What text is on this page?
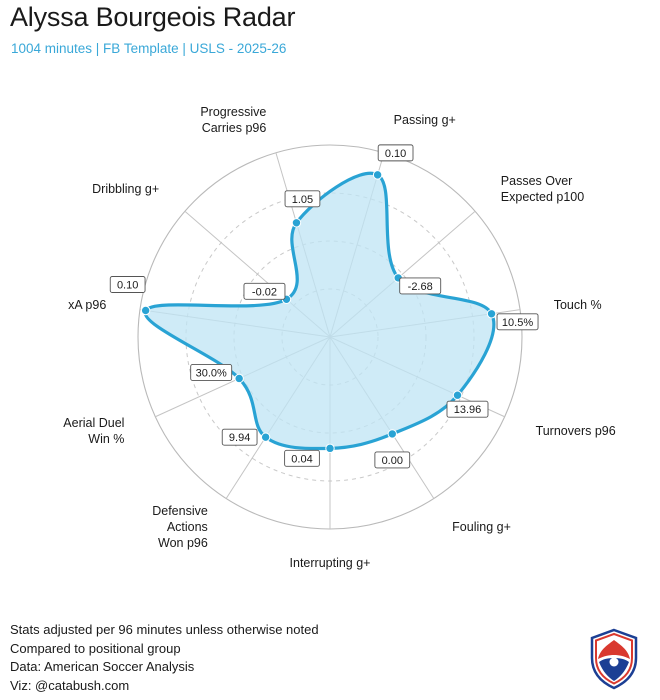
Alyssa Bourgeois Radar
1004 minutes | FB Template | USLS - 2025-26
0.10
-2.68
10.5%
13.96
0.00
0.04
9.94
30.0%
0.10
-0.02
1.05
Passing g+
Passes Over
Expected p100
Touch %
Turnovers p96
Fouling g+
Interrupting g+
Defensive
Actions
Won p96
Aerial Duel
Win %
xA p96
Dribbling g+
Progressive
Carries p96
Stats adjusted per 96 minutes unless otherwise noted
Compared to positional group
Data: American Soccer Analysis
Viz: @catabush.com
